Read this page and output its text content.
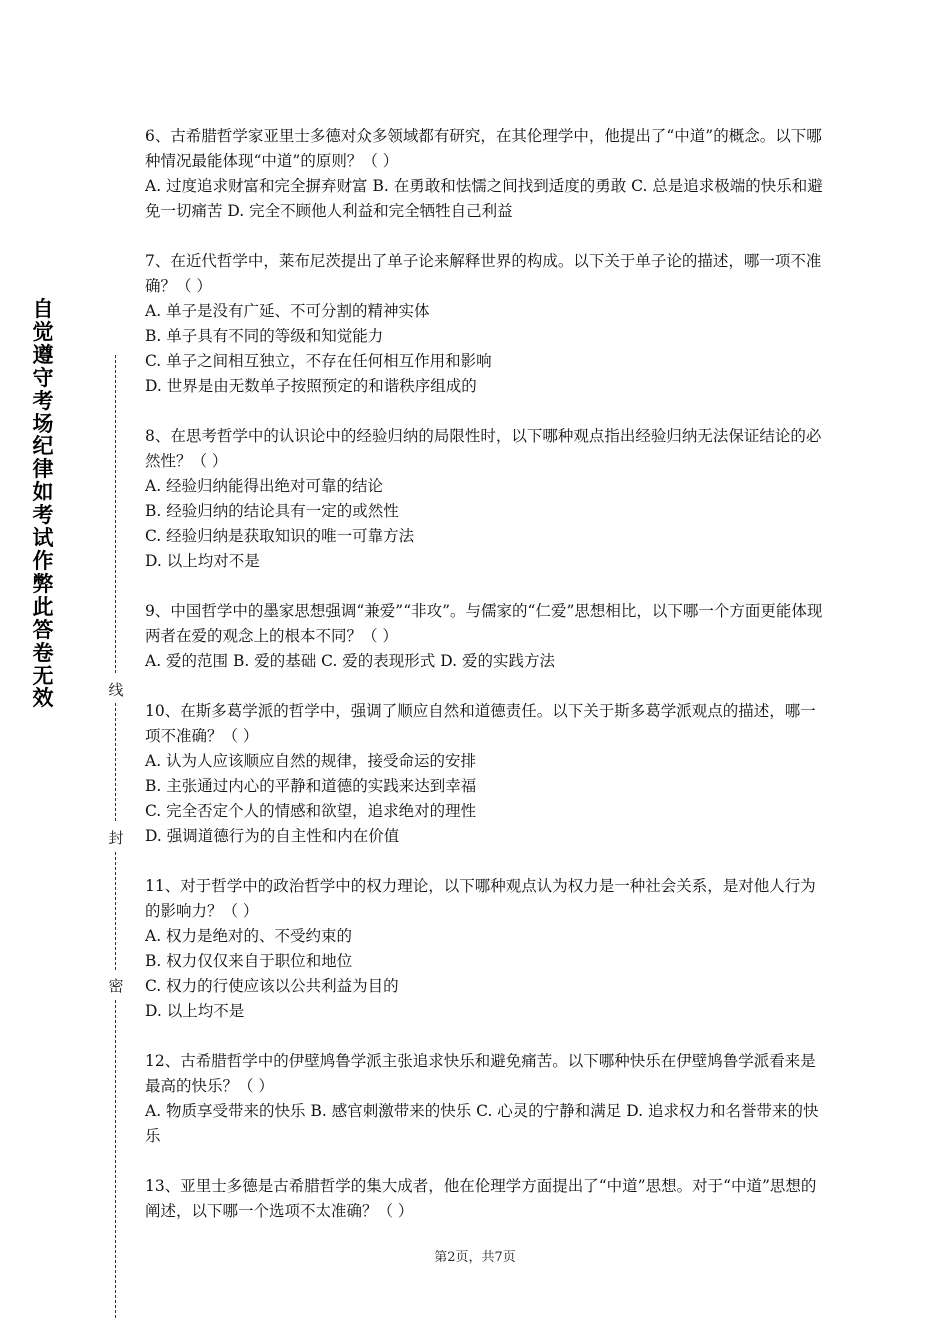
自觉遵守考场纪律如考试作弊此答卷无效	线
封
密

6、古希腊哲学家亚里士多德对众多领域都有研究，在其伦理学中，他提出了“中道”的概念。以下哪种情况最能体现“中道”的原则？（ ）

A. 过度追求财富和完全摒弃财富 B. 在勇敢和怯懦之间找到适度的勇敢 C. 总是追求极端的快乐和避免一切痛苦 D. 完全不顾他人利益和完全牺牲自己利益

7、在近代哲学中，莱布尼茨提出了单子论来解释世界的构成。以下关于单子论的描述，哪一项不准确？（ ）

A. 单子是没有广延、不可分割的精神实体

B. 单子具有不同的等级和知觉能力

C. 单子之间相互独立，不存在任何相互作用和影响

D. 世界是由无数单子按照预定的和谐秩序组成的

8、在思考哲学中的认识论中的经验归纳的局限性时，以下哪种观点指出经验归纳无法保证结论的必然性？（ ）

A. 经验归纳能得出绝对可靠的结论

B. 经验归纳的结论具有一定的或然性

C. 经验归纳是获取知识的唯一可靠方法

D. 以上均对不是

9、中国哲学中的墨家思想强调“兼爱”“非攻”。与儒家的“仁爱”思想相比，以下哪一个方面更能体现两者在爱的观念上的根本不同？（ ）

A. 爱的范围 B. 爱的基础 C. 爱的表现形式 D. 爱的实践方法

10、在斯多葛学派的哲学中，强调了顺应自然和道德责任。以下关于斯多葛学派观点的描述，哪一项不准确？（ ）

A. 认为人应该顺应自然的规律，接受命运的安排

B. 主张通过内心的平静和道德的实践来达到幸福

C. 完全否定个人的情感和欲望，追求绝对的理性

D. 强调道德行为的自主性和内在价值

11、对于哲学中的政治哲学中的权力理论，以下哪种观点认为权力是一种社会关系，是对他人行为的影响力？（ ）

A. 权力是绝对的、不受约束的

B. 权力仅仅来自于职位和地位

C. 权力的行使应该以公共利益为目的

D. 以上均不是

12、古希腊哲学中的伊壁鸠鲁学派主张追求快乐和避免痛苦。以下哪种快乐在伊壁鸠鲁学派看来是最高的快乐？（ ）

A. 物质享受带来的快乐 B. 感官刺激带来的快乐 C. 心灵的宁静和满足 D. 追求权力和名誉带来的快乐

13、亚里士多德是古希腊哲学的集大成者，他在伦理学方面提出了“中道”思想。对于“中道”思想的阐述，以下哪一个选项不太准确？（ ）

第2页，共7页
